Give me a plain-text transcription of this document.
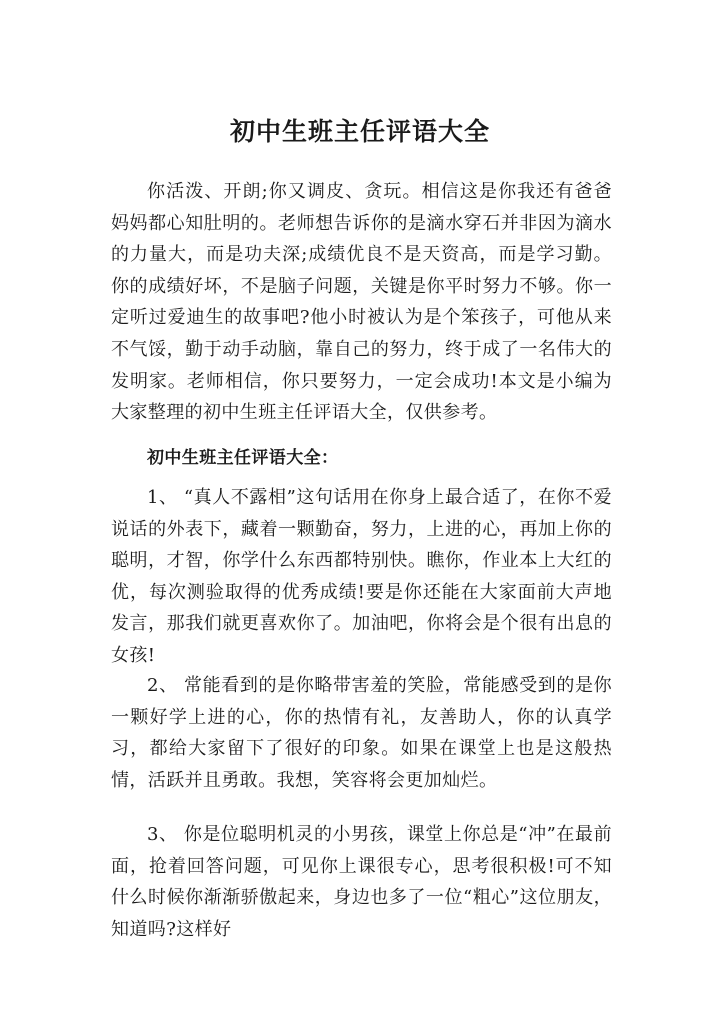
初中生班主任评语大全

你活泼、开朗;你又调皮、贪玩。相信这是你我还有爸爸妈妈都心知肚明的。老师想告诉你的是滴水穿石并非因为滴水的力量大，而是功夫深;成绩优良不是天资高，而是学习勤。你的成绩好坏，不是脑子问题，关键是你平时努力不够。你一定听过爱迪生的故事吧?他小时被认为是个笨孩子，可他从来不气馁，勤于动手动脑，靠自己的努力，终于成了一名伟大的发明家。老师相信，你只要努力，一定会成功!本文是小编为大家整理的初中生班主任评语大全，仅供参考。

初中生班主任评语大全：

1、 “真人不露相”这句话用在你身上最合适了，在你不爱说话的外表下，藏着一颗勤奋，努力，上进的心，再加上你的聪明，才智，你学什么东西都特别快。瞧你，作业本上大红的优，每次测验取得的优秀成绩!要是你还能在大家面前大声地发言，那我们就更喜欢你了。加油吧，你将会是个很有出息的女孩!

2、 常能看到的是你略带害羞的笑脸，常能感受到的是你一颗好学上进的心，你的热情有礼，友善助人，你的认真学习，都给大家留下了很好的印象。如果在课堂上也是这般热情，活跃并且勇敢。我想，笑容将会更加灿烂。

3、 你是位聪明机灵的小男孩，课堂上你总是“冲”在最前面，抢着回答问题，可见你上课很专心，思考很积极!可不知什么时候你渐渐骄傲起来，身边也多了一位“粗心”这位朋友，知道吗?这样好
